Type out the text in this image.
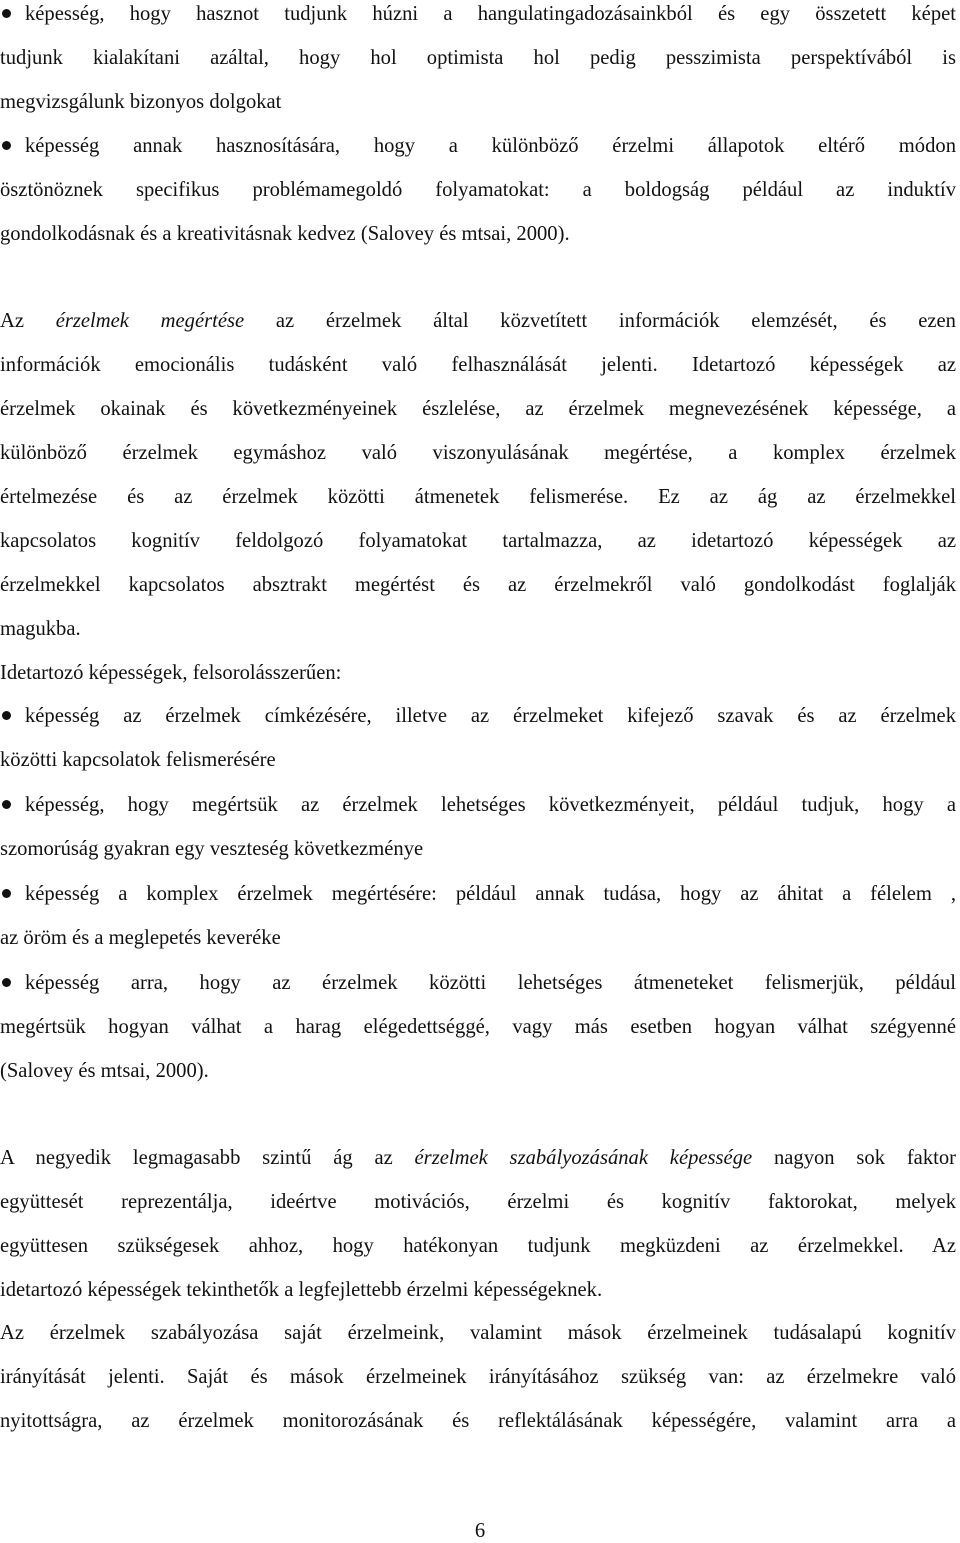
képesség, hogy hasznot tudjunk húzni a hangulatingadozásainkból és egy összetett képet
tudjunk kialakítani azáltal, hogy hol optimista hol pedig pesszimista perspektívából is
megvizsgálunk bizonyos dolgokat
képesség annak hasznosítására, hogy a különböző érzelmi állapotok eltérő módon
ösztönöznek specifikus problémamegoldó folyamatokat: a boldogság például az induktív
gondolkodásnak és a kreativitásnak kedvez (Salovey és mtsai, 2000).
Az érzelmek megértése az érzelmek által közvetített információk elemzését, és ezen
információk emocionális tudásként való felhasználását jelenti. Idetartozó képességek az
érzelmek okainak és következményeinek észlelése, az érzelmek megnevezésének képessége, a
különböző érzelmek egymáshoz való viszonyulásának megértése, a komplex érzelmek
értelmezése és az érzelmek közötti átmenetek felismerése. Ez az ág az érzelmekkel
kapcsolatos kognitív feldolgozó folyamatokat tartalmazza, az idetartozó képességek az
érzelmekkel kapcsolatos absztrakt megértést és az érzelmekről való gondolkodást foglalják
magukba.
Idetartozó képességek, felsorolásszerűen:
képesség az érzelmek címkézésére, illetve az érzelmeket kifejező szavak és az érzelmek
közötti kapcsolatok felismerésére
képesség, hogy megértsük az érzelmek lehetséges következményeit, például tudjuk, hogy a
szomorúság gyakran egy veszteség következménye
képesség a komplex érzelmek megértésére: például annak tudása, hogy az áhitat a félelem ,
az öröm és a meglepetés keveréke
képesség arra, hogy az érzelmek közötti lehetséges átmeneteket felismerjük, például
megértsük hogyan válhat a harag elégedettséggé, vagy más esetben hogyan válhat szégyenné
(Salovey és mtsai, 2000).
A negyedik legmagasabb szintű ág az érzelmek szabályozásának képessége nagyon sok faktor
együttesét reprezentálja, ideértve motivációs, érzelmi és kognitív faktorokat, melyek
együttesen szükségesek ahhoz, hogy hatékonyan tudjunk megküzdeni az érzelmekkel. Az
idetartozó képességek tekinthetők a legfejlettebb érzelmi képességeknek.
Az érzelmek szabályozása saját érzelmeink, valamint mások érzelmeinek tudásalapú kognitív
irányítását jelenti. Saját és mások érzelmeinek irányításához szükség van: az érzelmekre való
nyitottságra, az érzelmek monitorozásának és reflektálásának képességére, valamint arra a
6
